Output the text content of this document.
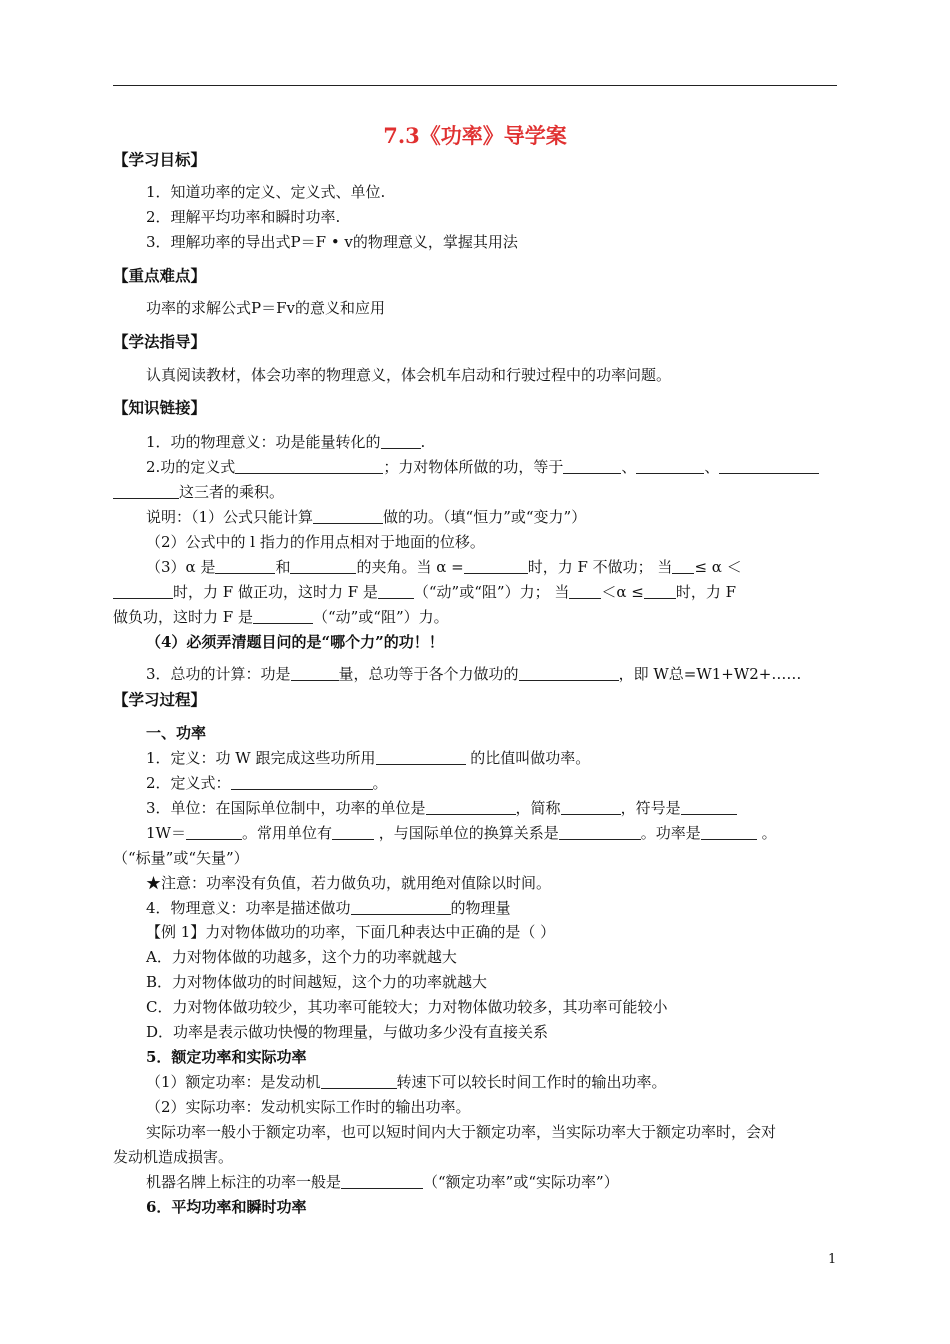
7.3《功率》导学案
【学习目标】
1．知道功率的定义、定义式、单位.
2．理解平均功率和瞬时功率.
3．理解功率的导出式P＝F • v的物理意义，掌握其用法
【重点难点】
功率的求解公式P＝Fv的意义和应用
【学法指导】
认真阅读教材，体会功率的物理意义，体会机车启动和行驶过程中的功率问题。
【知识链接】
1．功的物理意义：功是能量转化的	.
2.功的定义式	；力对物体所做的功，等于	、	、
这三者的乘积。
说明：（1）公式只能计算	做的功。（填“恒力”或“变力”）
（2）公式中的 l 指力的作用点相对于地面的位移。
（3）α 是	和	的夹角。当 α =	时，力 F 不做功； 当 ≤ α ＜
时，力 F 做正功，这时力 F 是 （“动”或“阻”）力； 当 ＜α ≤ 时，力 F
做负功，这时力 F 是	（“动”或“阻”）力。
（4）必须弄清题目问的是“哪个力”的功！！
3．总功的计算：功是	量，总功等于各个力做功的	，即 W总=W1+W2+……
【学习过程】
一、功率
1．定义：功 W 跟完成这些功所用	的比值叫做功率。
2．定义式：	。
3．单位：在国际单位制中，功率的单位是	，简称	，符号是
1W＝	。常用单位有	，与国际单位的换算关系是	。功率是	。
（“标量”或“矢量”）
★注意：功率没有负值，若力做负功，就用绝对值除以时间。
4．物理意义：功率是描述做功	的物理量
【例 1】力对物体做功的功率，下面几种表达中正确的是（ ）
A．力对物体做的功越多，这个力的功率就越大
B．力对物体做功的时间越短，这个力的功率就越大
C．力对物体做功较少，其功率可能较大；力对物体做功较多，其功率可能较小
D．功率是表示做功快慢的物理量，与做功多少没有直接关系
5．额定功率和实际功率
（1）额定功率：是发动机	转速下可以较长时间工作时的输出功率。
（2）实际功率：发动机实际工作时的输出功率。
实际功率一般小于额定功率，也可以短时间内大于额定功率，当实际功率大于额定功率时，会对
发动机造成损害。
机器名牌上标注的功率一般是	（“额定功率”或“实际功率”）
6．平均功率和瞬时功率
1
